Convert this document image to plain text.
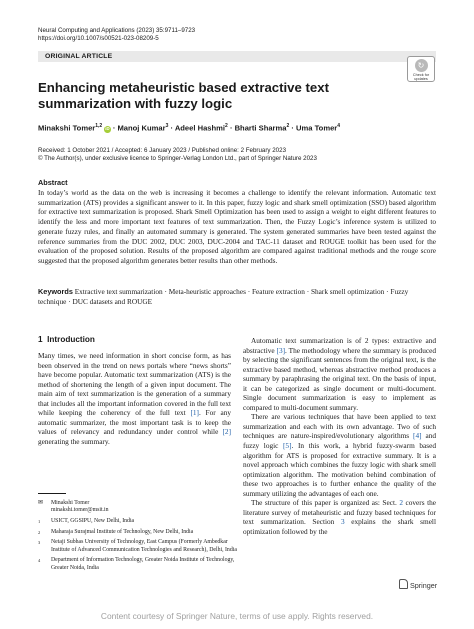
Neural Computing and Applications (2023) 35:9711–9723
https://doi.org/10.1007/s00521-023-08209-5
ORIGINAL ARTICLE
↻
Check for
updates
Enhancing metaheuristic based extractive text summarization with fuzzy logic
Minakshi Tomer$^{1,2}$ iD · Manoj Kumar$^3$ · Adeel Hashmi$^2$ · Bharti Sharma$^2$ · Uma Tomer$^4$
Received: 1 October 2021 / Accepted: 6 January 2023 / Published online: 2 February 2023
© The Author(s), under exclusive licence to Springer-Verlag London Ltd., part of Springer Nature 2023
Abstract
In today’s world as the data on the web is increasing it becomes a challenge to identify the relevant information. Automatic text summarization (ATS) provides a significant answer to it. In this paper, fuzzy logic and shark smell optimization (SSO) based algorithm for extractive text summarization is proposed. Shark Smell Optimization has been used to assign a weight to eight different features to identify the less and more important text features of text summarization. Then, the Fuzzy Logic’s inference system is utilized to generate fuzzy rules, and finally an automated summary is generated. The system generated summaries have been tested against the reference summaries from the DUC 2002, DUC 2003, DUC-2004 and TAC-11 dataset and ROUGE toolkit has been used for the evaluation of the proposed solution. Results of the proposed algorithm are compared against traditional methods and the rouge score suggested that the proposed algorithm generates better results than other methods.
Keywords Extractive text summarization · Meta-heuristic approaches · Feature extraction · Shark smell optimization · Fuzzy technique · DUC datasets and ROUGE
1 Introduction

Many times, we need information in short concise form, as has been observed in the trend on news portals where “news shorts” have become popular. Automatic text summarization (ATS) is the method of shortening the length of a given input document. The main aim of text summarization is the generation of a summary that includes all the important information covered in the full text while keeping the coherency of the full text [1]. For any automatic summarizer, the most important task is to keep the values of relevancy and redundancy under control while [2] generating the summary.

Automatic text summarization is of 2 types: extractive and abstractive [3]. The methodology where the summary is produced by selecting the significant sentences from the original text, is the extractive based method, whereas abstractive method produces a summary by paraphrasing the original text. On the basis of input, it can be categorized as single document or multi-document. Single document summarization is easy to implement as compared to multi-document summary.

There are various techniques that have been applied to text summarization and each with its own advantage. Two of such techniques are nature-inspired/evolutionary algorithms [4] and fuzzy logic [5]. In this work, a hybrid fuzzy-swarm based algorithm for ATS is proposed for extractive summary. It is a novel approach which combines the fuzzy logic with shark smell optimization algorithm. The motivation behind combination of these two approaches is to further enhance the quality of the summary utilizing the advantages of each one.

The structure of this paper is organized as: Sect. 2 covers the literature survey of metaheuristic and fuzzy based techniques for text summarization. Section 3 explains the shark smell optimization followed by the

✉	Minakshi Tomer
minakshi.tomer@msit.in
1	USICT, GGSIPU, New Delhi, India
2	Maharaja Surajmal Institute of Technology, New Delhi, India
3	Netaji Subhas University of Technology, East Campus (Formerly Ambedkar Institute of Advanced Communication Technologies and Research), Delhi, India
4	Department of Information Technology, Greater Noida Institute of Technology, Greater Noida, India
Springer
Content courtesy of Springer Nature, terms of use apply. Rights reserved.
